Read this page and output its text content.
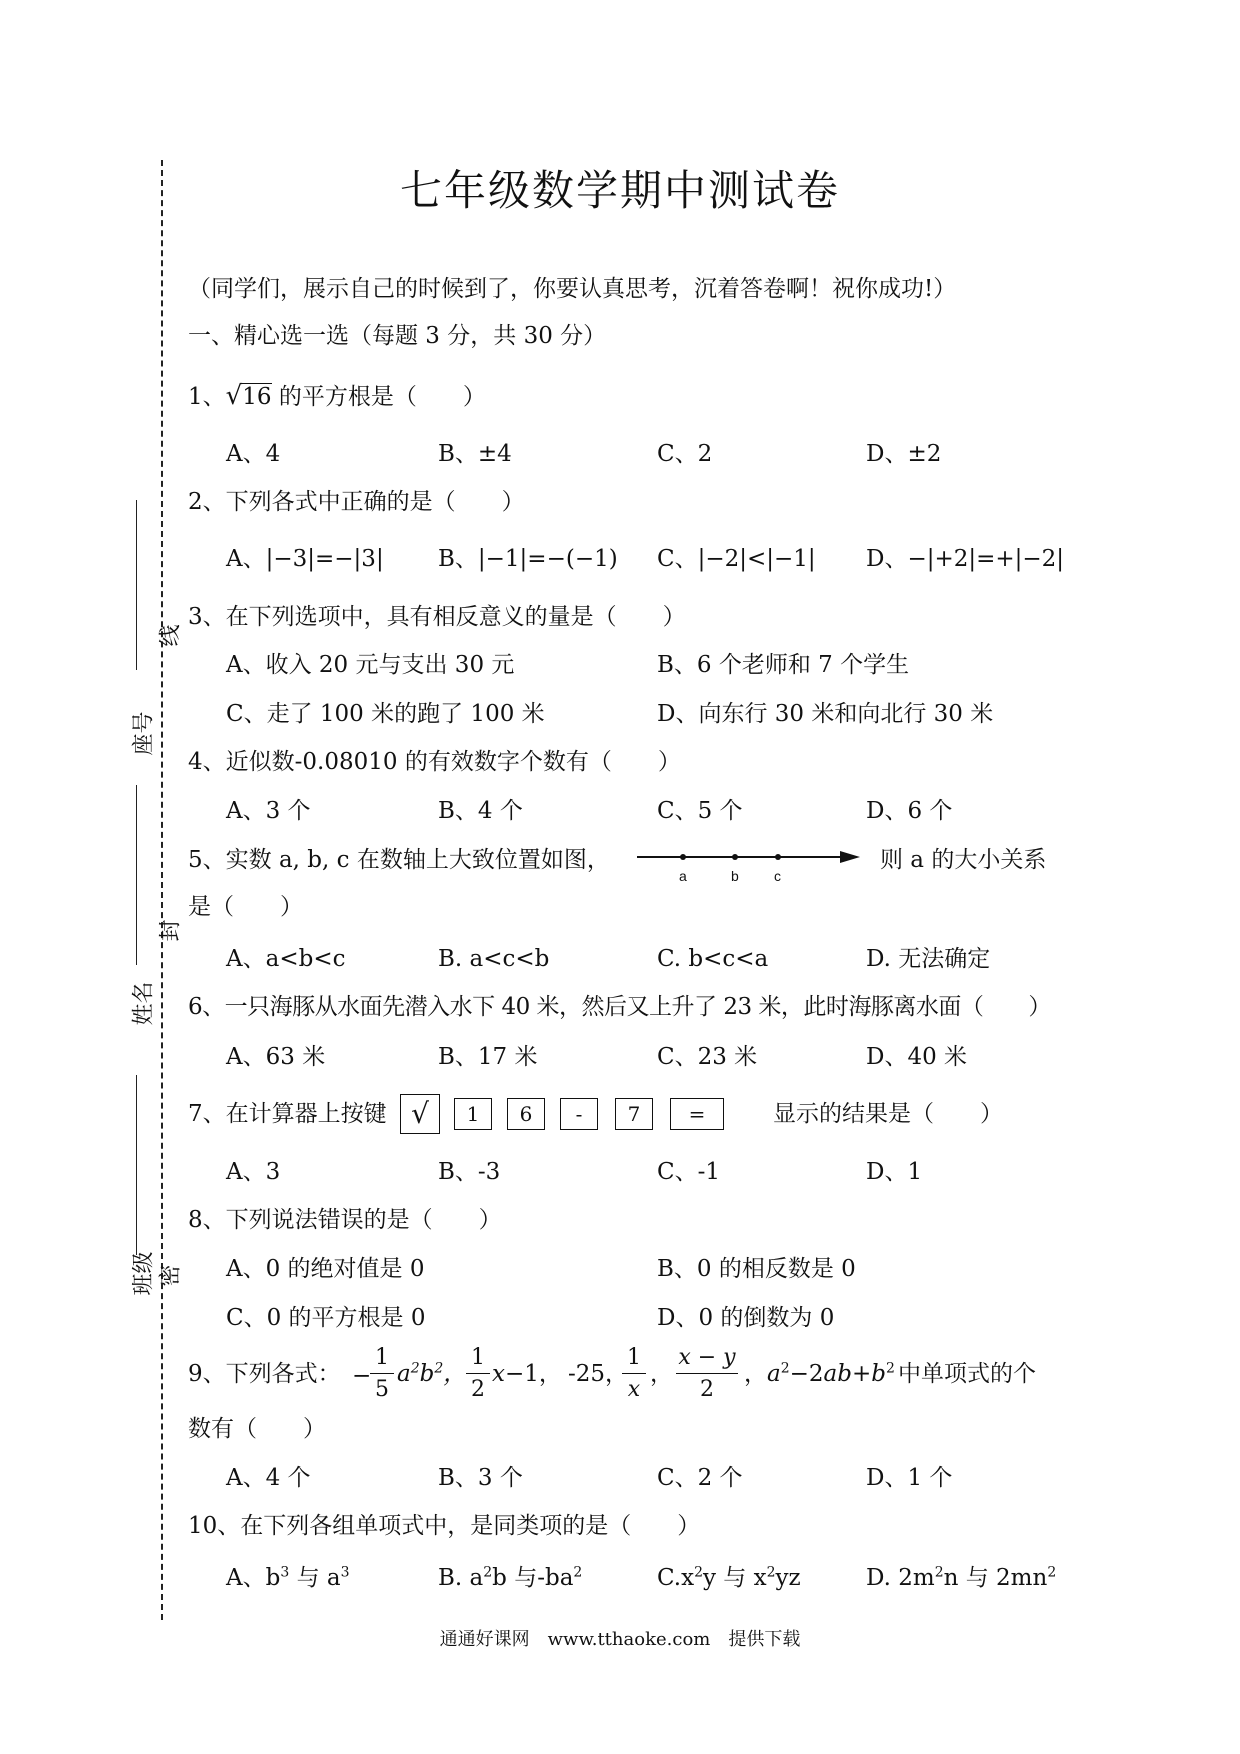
座号
姓名
班级
线
封
密
七年级数学期中测试卷
（同学们，展示自己的时候到了，你要认真思考，沉着答卷啊！祝你成功!）
一、精心选一选（每题 3 分，共 30 分）
1、√16 的平方根是（　　）
A、4	B、±4	C、2	D、±2
2、下列各式中正确的是（　　）
A、|−3|=−|3| B、|−1|=−(−1) C、|−2|<|−1| D、−|+2|=+|−2|
3、在下列选项中，具有相反意义的量是（　　）
A、收入 20 元与支出 30 元	B、6 个老师和 7 个学生
C、走了 100 米的跑了 100 米	D、向东行 30 米和向北行 30 米
4、近似数-0.08010 的有效数字个数有（　　）
A、3 个	B、4 个	C、5 个	D、6 个
5、实数 a, b, c 在数轴上大致位置如图，
a	b	c
则 a 的大小关系
是（　　）
A、a<b<c	B. a<c<b	C. b<c<a	D. 无法确定
6、一只海豚从水面先潜入水下 40 米，然后又上升了 23 米，此时海豚离水面（　　）
A、63 米	B、17 米	C、23 米	D、40 米
7、在计算器上按键 √	1	6	-	7	=	显示的结果是（　　）
A、3	B、-3	C、-1	D、1
8、下列说法错误的是（　　）
A、0 的绝对值是 0	B、0 的相反数是 0
C、0 的平方根是 0	D、0 的倒数为 0
9、下列各式： −
1
5
$a^2b^2$，
1
2
x−1， -25，
1
x
，
x − y
2
，$a^2-2ab+b^2$ 中单项式的个
数有（　　）
A、4 个	B、3 个	C、2 个	D、1 个
10、在下列各组单项式中，是同类项的是（　　）
A、$b^3$ 与 $a^3$	B. $a^2b$ 与$-ba^2$	$C.x^2y$ 与 $x^2yz$	D. $2m^2n$ 与 $2mn^2$
通通好课网　www.tthaoke.com　提供下载
